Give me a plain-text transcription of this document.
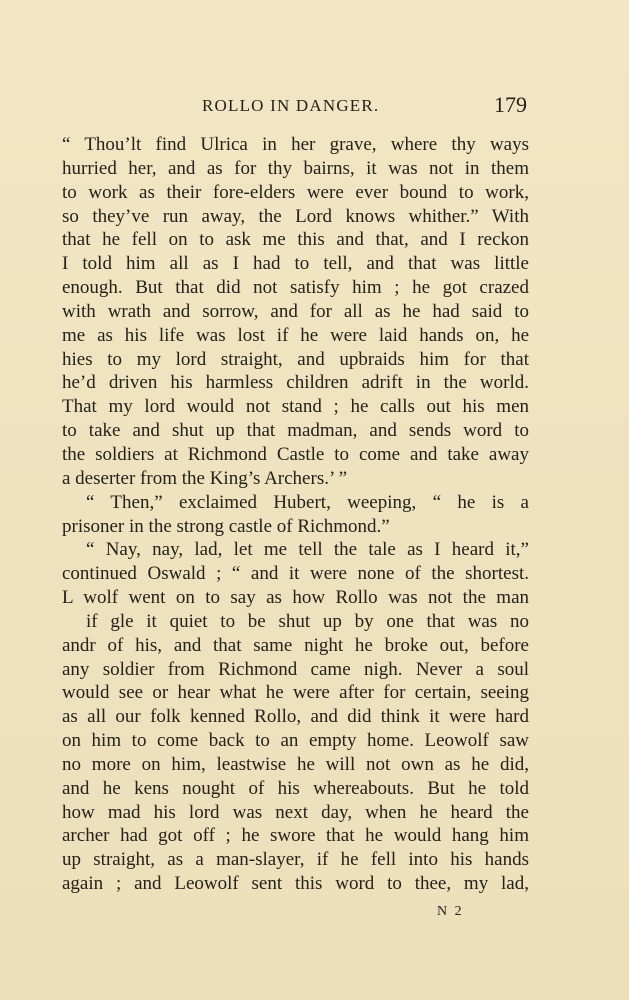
ROLLO IN DANGER.	179
“ Thou’lt find Ulrica in her grave, where thy ways
hurried her, and as for thy bairns, it was not in them
to work as their fore-elders were ever bound to work,
so they’ve run away, the Lord knows whither.” With
that he fell on to ask me this and that, and I reckon
I told him all as I had to tell, and that was little
enough. But that did not satisfy him ; he got crazed
with wrath and sorrow, and for all as he had said to
me as his life was lost if he were laid hands on, he
hies to my lord straight, and upbraids him for that
he’d driven his harmless children adrift in the world.
That my lord would not stand ; he calls out his men
to take and shut up that madman, and sends word to
the soldiers at Richmond Castle to come and take away
a deserter from the King’s Archers.’ ”
“ Then,” exclaimed Hubert, weeping, “ he is a
prisoner in the strong castle of Richmond.”
“ Nay, nay, lad, let me tell the tale as I heard it,”
continued Oswald ; “ and it were none of the shortest.
L wolf went on to say as how Rollo was not the man
if gle it quiet to be shut up by one that was no
andr of his, and that same night he broke out, before
any soldier from Richmond came nigh. Never a soul
would see or hear what he were after for certain, seeing
as all our folk kenned Rollo, and did think it were hard
on him to come back to an empty home. Leowolf saw
no more on him, leastwise he will not own as he did,
and he kens nought of his whereabouts. But he told
how mad his lord was next day, when he heard the
archer had got off ; he swore that he would hang him
up straight, as a man-slayer, if he fell into his hands
again ; and Leowolf sent this word to thee, my lad,
N 2
